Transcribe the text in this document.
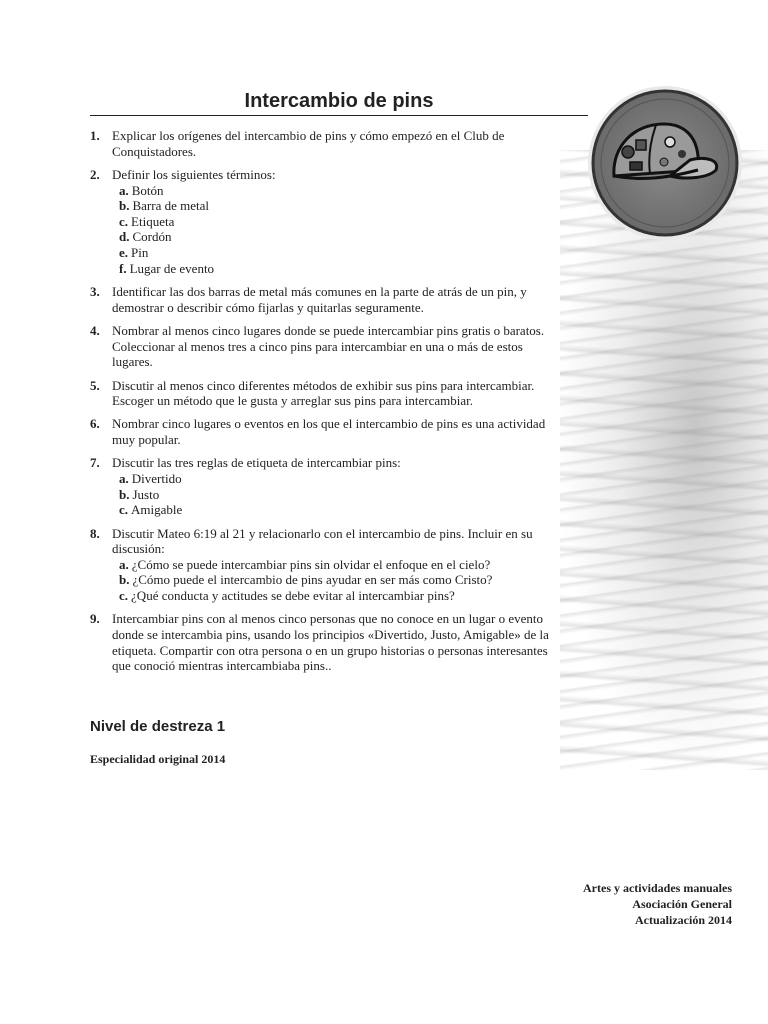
Intercambio de pins
1. Explicar los orígenes del intercambio de pins y cómo empezó en el Club de Conquistadores.
2. Definir los siguientes términos:
a. Botón
b. Barra de metal
c. Etiqueta
d. Cordón
e. Pin
f. Lugar de evento
3. Identificar las dos barras de metal más comunes en la parte de atrás de un pin, y demostrar o describir cómo fijarlas y quitarlas seguramente.
4. Nombrar al menos cinco lugares donde se puede intercambiar pins gratis o baratos. Coleccionar al menos tres a cinco pins para intercambiar en una o más de estos lugares.
5. Discutir al menos cinco diferentes métodos de exhibir sus pins para intercambiar. Escoger un método que le gusta y arreglar sus pins para intercambiar.
6. Nombrar cinco lugares o eventos en los que el intercambio de pins es una actividad muy popular.
7. Discutir las tres reglas de etiqueta de intercambiar pins:
a. Divertido
b. Justo
c. Amigable
8. Discutir Mateo 6:19 al 21 y relacionarlo con el intercambio de pins. Incluir en su discusión:
a. ¿Cómo se puede intercambiar pins sin olvidar el enfoque en el cielo?
b. ¿Cómo puede el intercambio de pins ayudar en ser más como Cristo?
c. ¿Qué conducta y actitudes se debe evitar al intercambiar pins?
9. Intercambiar pins con al menos cinco personas que no conoce en un lugar o evento donde se intercambia pins, usando los principios «Divertido, Justo, Amigable» de la etiqueta. Compartir con otra persona o en un grupo historias o personas interesantes que conoció mientras intercambiaba pins..
Nivel de destreza 1

Especialidad original 2014

Artes y actividades manuales
Asociación General
Actualización 2014
